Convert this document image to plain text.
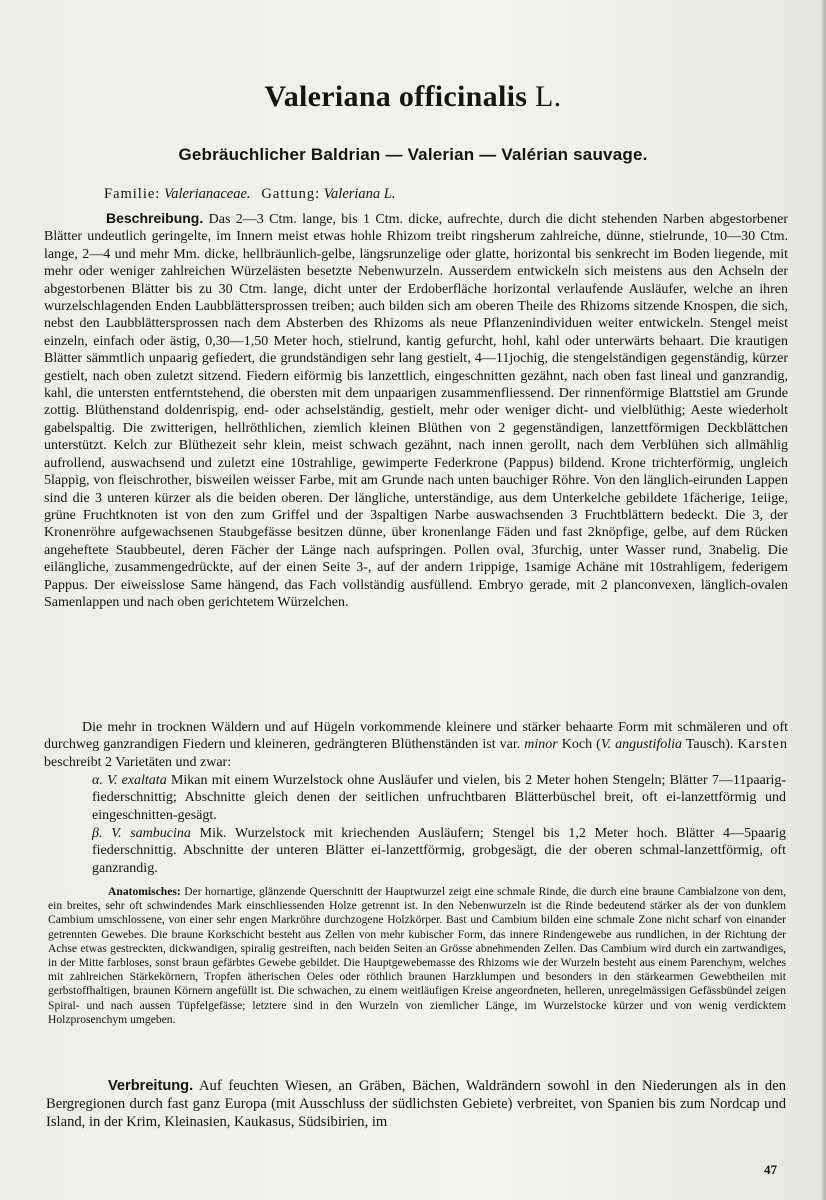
Valeriana officinalis L.

Gebräuchlicher Baldrian — Valerian — Valérian sauvage.

Familie: Valerianaceae. Gattung: Valeriana L.

Beschreibung. Das 2—3 Ctm. lange, bis 1 Ctm. dicke, aufrechte, durch die dicht stehenden Narben abgestorbener Blätter undeutlich geringelte, im Innern meist etwas hohle Rhizom treibt ringsherum zahlreiche, dünne, stielrunde, 10—30 Ctm. lange, 2—4 und mehr Mm. dicke, hellbräunlich-gelbe, längsrunzelige oder glatte, horizontal bis senkrecht im Boden liegende, mit mehr oder weniger zahlreichen Würzelästen besetzte Nebenwurzeln. Ausserdem entwickeln sich meistens aus den Achseln der abgestorbenen Blätter bis zu 30 Ctm. lange, dicht unter der Erdoberfläche horizontal verlaufende Ausläufer, welche an ihren wurzelschlagenden Enden Laubblättersprossen treiben; auch bilden sich am oberen Theile des Rhizoms sitzende Knospen, die sich, nebst den Laubblättersprossen nach dem Absterben des Rhizoms als neue Pflanzenindividuen weiter entwickeln. Stengel meist einzeln, einfach oder ästig, 0,30—1,50 Meter hoch, stielrund, kantig gefurcht, hohl, kahl oder unterwärts behaart. Die krautigen Blätter sämmtlich unpaarig gefiedert, die grundständigen sehr lang gestielt, 4—11jochig, die stengelständigen gegenständig, kürzer gestielt, nach oben zuletzt sitzend. Fiedern eiförmig bis lanzettlich, eingeschnitten gezähnt, nach oben fast lineal und ganzrandig, kahl, die untersten entferntstehend, die obersten mit dem unpaarigen zusammenfliessend. Der rinnenförmige Blattstiel am Grunde zottig. Blüthenstand doldenrispig, end- oder achselständig, gestielt, mehr oder weniger dicht- und vielblüthig; Aeste wiederholt gabelspaltig. Die zwitterigen, hellröthlichen, ziemlich kleinen Blüthen von 2 gegenständigen, lanzettförmigen Deckblättchen unterstützt. Kelch zur Blüthezeit sehr klein, meist schwach gezähnt, nach innen gerollt, nach dem Verblühen sich allmählig aufrollend, auswachsend und zuletzt eine 10strahlige, gewimperte Federkrone (Pappus) bildend. Krone trichterförmig, ungleich 5lappig, von fleischrother, bisweilen weisser Farbe, mit am Grunde nach unten bauchiger Röhre. Von den länglich-eirunden Lappen sind die 3 unteren kürzer als die beiden oberen. Der längliche, unterständige, aus dem Unterkelche gebildete 1fächerige, 1eiige, grüne Fruchtknoten ist von den zum Griffel und der 3spaltigen Narbe auswachsenden 3 Fruchtblättern bedeckt. Die 3, der Kronenröhre aufgewachsenen Staubgefässe besitzen dünne, über kronenlange Fäden und fast 2knöpfige, gelbe, auf dem Rücken angeheftete Staubbeutel, deren Fächer der Länge nach aufspringen. Pollen oval, 3furchig, unter Wasser rund, 3nabelig. Die eilängliche, zusammengedrückte, auf der einen Seite 3-, auf der andern 1rippige, 1samige Achäne mit 10strahligem, federigem Pappus. Der eiweisslose Same hängend, das Fach vollständig ausfüllend. Embryo gerade, mit 2 planconvexen, länglich-ovalen Samenlappen und nach oben gerichtetem Würzelchen.

Die mehr in trocknen Wäldern und auf Hügeln vorkommende kleinere und stärker behaarte Form mit schmäleren und oft durchweg ganzrandigen Fiedern und kleineren, gedrängteren Blüthenständen ist var. minor Koch (V. angustifolia Tausch). Karsten beschreibt 2 Varietäten und zwar:

α. V. exaltata Mikan mit einem Wurzelstock ohne Ausläufer und vielen, bis 2 Meter hohen Stengeln; Blätter 7—11paarig-fiederschnittig; Abschnitte gleich denen der seitlichen unfruchtbaren Blätterbüschel breit, oft ei-lanzettförmig und eingeschnitten-gesägt.

β. V. sambucina Mik. Wurzelstock mit kriechenden Ausläufern; Stengel bis 1,2 Meter hoch. Blätter 4—5paarig fiederschnittig. Abschnitte der unteren Blätter ei-lanzettförmig, grobgesägt, die der oberen schmal-lanzettförmig, oft ganzrandig.

Anatomisches: Der hornartige, glänzende Querschnitt der Hauptwurzel zeigt eine schmale Rinde, die durch eine braune Cambialzone von dem, ein breites, sehr oft schwindendes Mark einschliessenden Holze getrennt ist. In den Nebenwurzeln ist die Rinde bedeutend stärker als der von dunklem Cambium umschlossene, von einer sehr engen Markröhre durchzogene Holzkörper. Bast und Cambium bilden eine schmale Zone nicht scharf von einander getrennten Gewebes. Die braune Korkschicht besteht aus Zellen von mehr kubischer Form, das innere Rindengewebe aus rundlichen, in der Richtung der Achse etwas gestreckten, dickwandigen, spiralig gestreiften, nach beiden Seiten an Grösse abnehmenden Zellen. Das Cambium wird durch ein zartwandiges, in der Mitte farbloses, sonst braun gefärbtes Gewebe gebildet. Die Hauptgewebemasse des Rhizoms wie der Wurzeln besteht aus einem Parenchym, welches mit zahlreichen Stärkekörnern, Tropfen ätherischen Oeles oder röthlich braunen Harzklumpen und besonders in den stärkearmen Gewebtheilen mit gerbstoffhaltigen, braunen Körnern angefüllt ist. Die schwachen, zu einem weitläufigen Kreise angeordneten, helleren, unregelmässigen Gefässbündel zeigen Spiral- und nach aussen Tüpfelgefässe; letztere sind in den Wurzeln von ziemlicher Länge, im Wurzelstocke kürzer und von wenig verdicktem Holzprosenchym umgeben.

Verbreitung. Auf feuchten Wiesen, an Gräben, Bächen, Waldrändern sowohl in den Niederungen als in den Bergregionen durch fast ganz Europa (mit Ausschluss der südlichsten Gebiete) verbreitet, von Spanien bis zum Nordcap und Island, in der Krim, Kleinasien, Kaukasus, Südsibirien, im

47
